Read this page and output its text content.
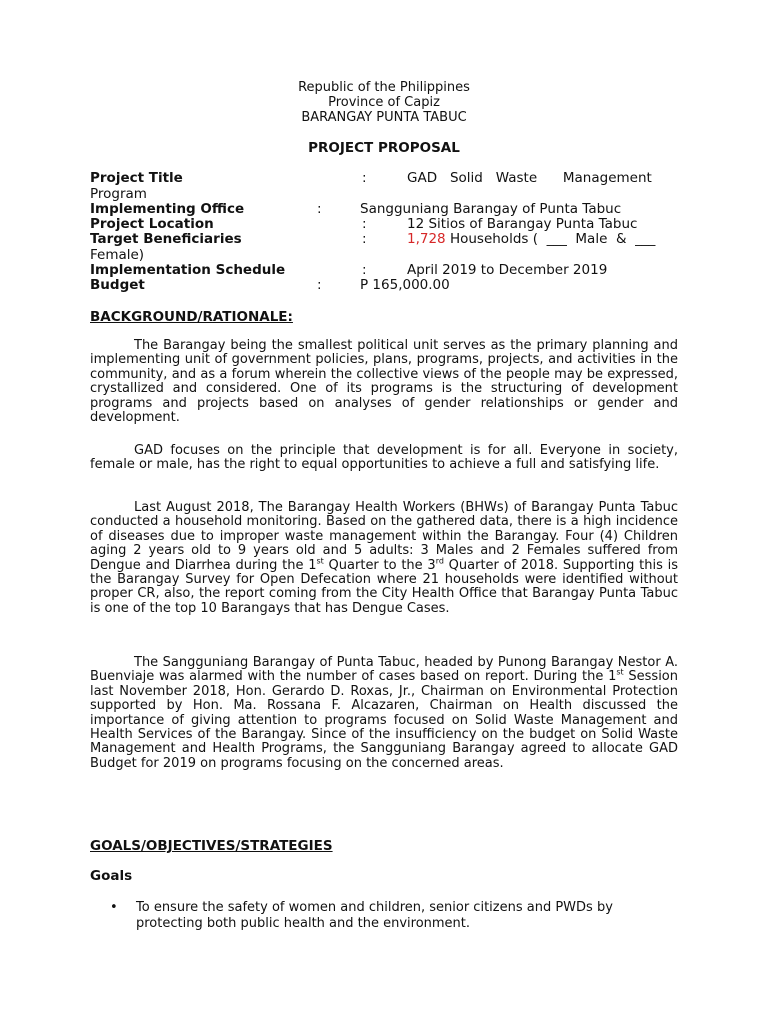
Republic of the Philippines
Province of Capiz
BARANGAY PUNTA TABUC
PROJECT PROPOSAL
Project Title	:	GAD   Solid   Waste      Management
Program
Implementing Office	:	Sangguniang Barangay of Punta Tabuc
Project Location	:	12 Sitios of Barangay Punta Tabuc
Target Beneficiaries	:	1,728 Households (  ___  Male  &  ___
Female)
Implementation Schedule	:	April 2019 to December 2019
Budget	:	P 165,000.00
BACKGROUND/RATIONALE:
The Barangay being the smallest political unit serves as the primary planning and implementing unit of government policies, plans, programs, projects, and activities in the community, and as a forum wherein the collective views of the people may be expressed, crystallized and considered. One of its programs is the structuring of development programs and projects based on analyses of gender relationships or gender and development.
GAD focuses on the principle that development is for all. Everyone in society, female or male, has the right to equal opportunities to achieve a full and satisfying life.
Last August 2018, The Barangay Health Workers (BHWs) of Barangay Punta Tabuc conducted a household monitoring. Based on the gathered data, there is a high incidence of diseases due to improper waste management within the Barangay. Four (4) Children aging 2 years old to 9 years old and 5 adults: 3 Males and 2 Females suffered from Dengue and Diarrhea during the 1st Quarter to the 3rd Quarter of 2018. Supporting this is the Barangay Survey for Open Defecation where 21 households were identified without proper CR, also, the report coming from the City Health Office that Barangay Punta Tabuc is one of the top 10 Barangays that has Dengue Cases.
The Sangguniang Barangay of Punta Tabuc, headed by Punong Barangay Nestor A. Buenviaje was alarmed with the number of cases based on report. During the 1st Session last November 2018, Hon. Gerardo D. Roxas, Jr., Chairman on Environmental Protection supported by Hon. Ma. Rossana F. Alcazaren, Chairman on Health discussed the importance of giving attention to programs focused on Solid Waste Management and Health Services of the Barangay. Since of the insufficiency on the budget on Solid Waste Management and Health Programs, the Sangguniang Barangay agreed to allocate GAD Budget for 2019 on programs focusing on the concerned areas.
GOALS/OBJECTIVES/STRATEGIES
Goals
• To ensure the safety of women and children, senior citizens and PWDs by protecting both public health and the environment.
